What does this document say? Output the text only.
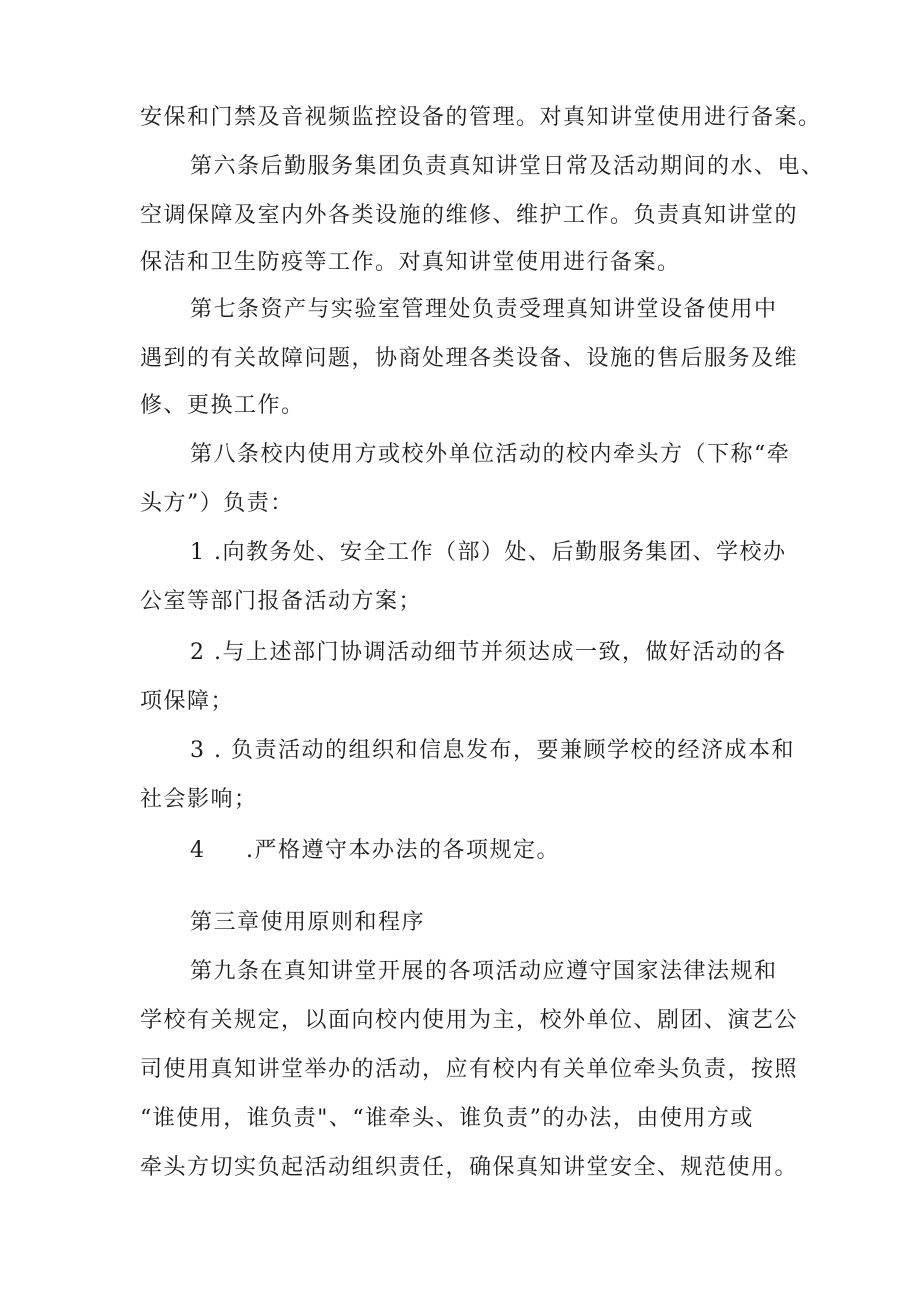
安保和门禁及音视频监控设备的管理。对真知讲堂使用进行备案。
第六条后勤服务集团负责真知讲堂日常及活动期间的水、电、
空调保障及室内外各类设施的维修、维护工作。负责真知讲堂的
保洁和卫生防疫等工作。对真知讲堂使用进行备案。
第七条资产与实验室管理处负责受理真知讲堂设备使用中
遇到的有关故障问题，协商处理各类设备、设施的售后服务及维
修、更换工作。
第八条校内使用方或校外单位活动的校内牵头方（下称“牵
头方”）负责：
1 .向教务处、安全工作（部）处、后勤服务集团、学校办
公室等部门报备活动方案；
2 .与上述部门协调活动细节并须达成一致，做好活动的各
项保障；
3 . 负责活动的组织和信息发布，要兼顾学校的经济成本和
社会影响；
4 .严格遵守本办法的各项规定。
第三章使用原则和程序
第九条在真知讲堂开展的各项活动应遵守国家法律法规和
学校有关规定，以面向校内使用为主，校外单位、剧团、演艺公
司使用真知讲堂举办的活动，应有校内有关单位牵头负责，按照
“谁使用，谁负责"、“谁牵头、谁负责”的办法，由使用方或
牵头方切实负起活动组织责任，确保真知讲堂安全、规范使用。
